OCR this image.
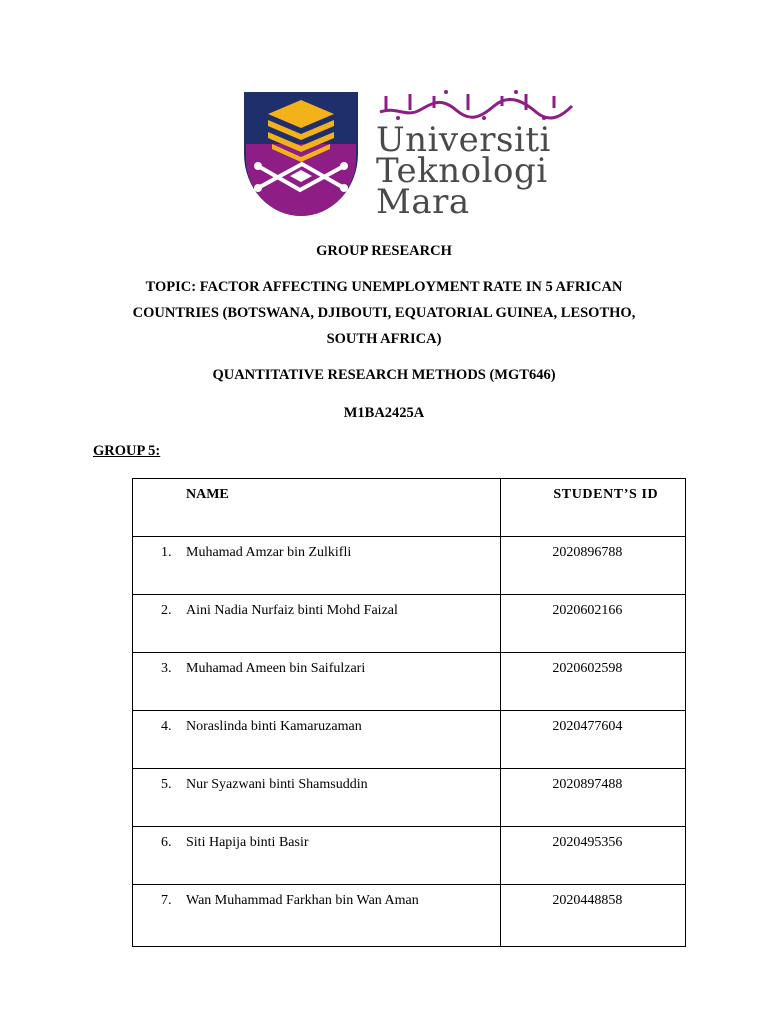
Universiti
Teknologi
Mara
GROUP RESEARCH
TOPIC: FACTOR AFFECTING UNEMPLOYMENT RATE IN 5 AFRICAN
COUNTRIES (BOTSWANA, DJIBOUTI, EQUATORIAL GUINEA, LESOTHO,
SOUTH AFRICA)
QUANTITATIVE RESEARCH METHODS (MGT646)
M1BA2425A
GROUP 5:
NAME	STUDENT’S ID
1. Muhamad Amzar bin Zulkifli	2020896788
2. Aini Nadia Nurfaiz binti Mohd Faizal	2020602166
3. Muhamad Ameen bin Saifulzari	2020602598
4. Noraslinda binti Kamaruzaman	2020477604
5. Nur Syazwani binti Shamsuddin	2020897488
6. Siti Hapija binti Basir	2020495356
7. Wan Muhammad Farkhan bin Wan Aman	2020448858
